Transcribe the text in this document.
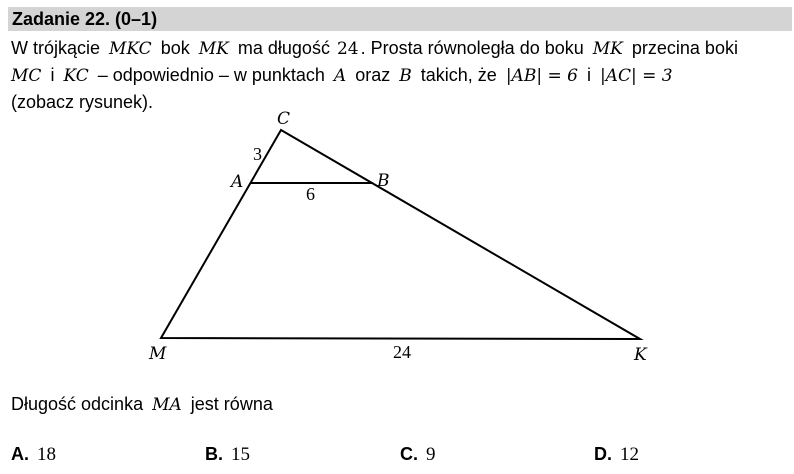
Zadanie 22. (0–1)
W trójkącie MKC bok MK ma długość 24 . Prosta równoległa do boku MK przecina boki
MC i KC – odpowiednio – w punktach A oraz B takich, że |AB| = 6 i |AC| = 3
(zobacz rysunek).
C
A	B
M	K
3
6
24
Długość odcinka MA jest równa
A. 18	B. 15	C. 9	D. 12
